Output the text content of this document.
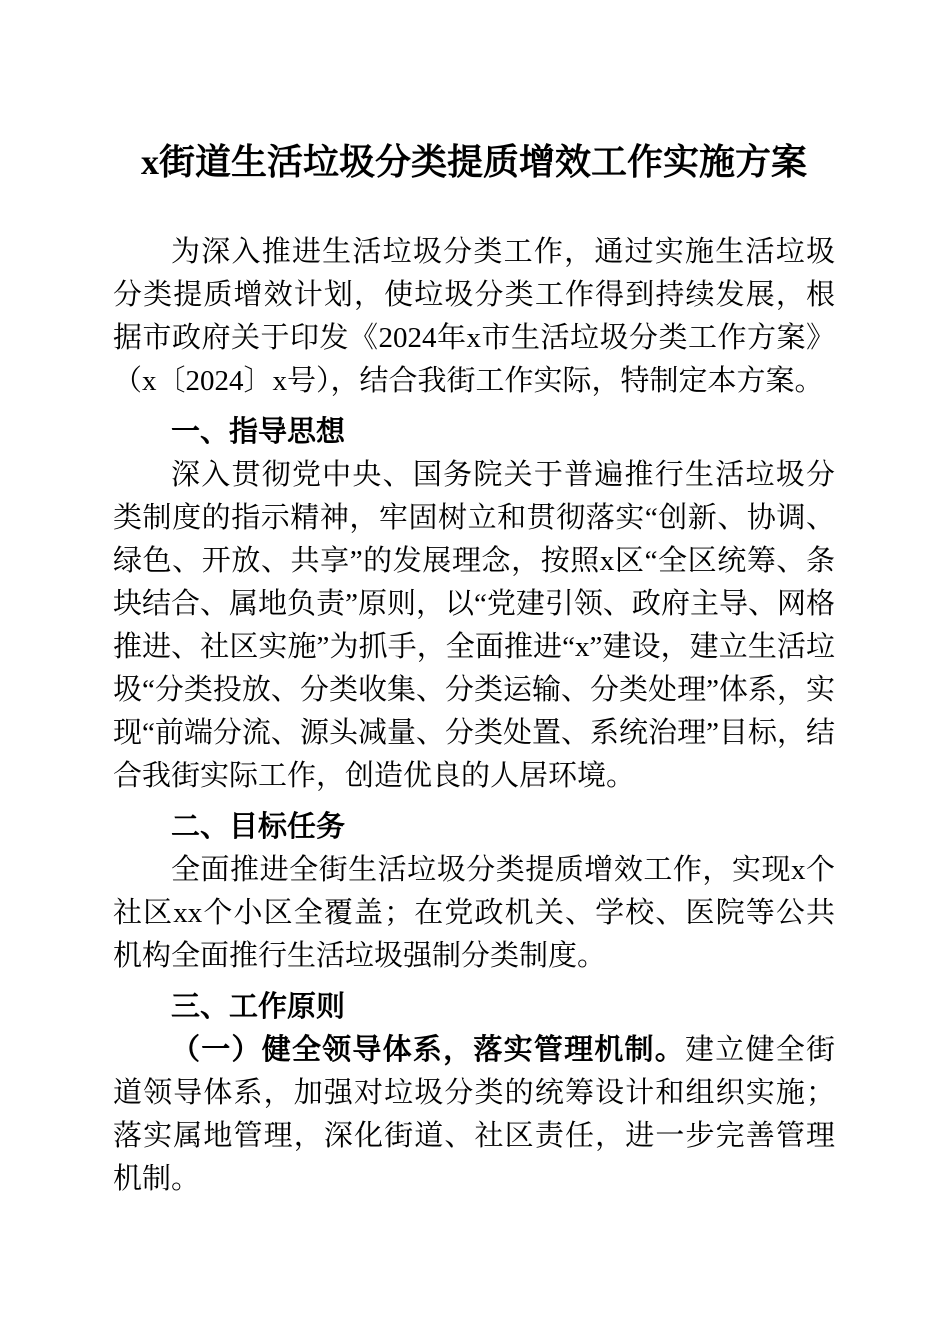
x街道生活垃圾分类提质增效工作实施方案

为深入推进生活垃圾分类工作，通过实施生活垃圾分类提质增效计划，使垃圾分类工作得到持续发展，根据市政府关于印发《2024年x市生活垃圾分类工作方案》（x〔2024〕x号），结合我街工作实际，特制定本方案。

一、指导思想

深入贯彻党中央、国务院关于普遍推行生活垃圾分类制度的指示精神，牢固树立和贯彻落实“创新、协调、绿色、开放、共享”的发展理念，按照x区“全区统筹、条块结合、属地负责”原则，以“党建引领、政府主导、网格推进、社区实施”为抓手，全面推进“x”建设，建立生活垃圾“分类投放、分类收集、分类运输、分类处理”体系，实现“前端分流、源头减量、分类处置、系统治理”目标，结合我街实际工作，创造优良的人居环境。

二、目标任务

全面推进全街生活垃圾分类提质增效工作，实现x个社区xx个小区全覆盖；在党政机关、学校、医院等公共机构全面推行生活垃圾强制分类制度。

三、工作原则

（一）健全领导体系，落实管理机制。建立健全街道领导体系，加强对垃圾分类的统筹设计和组织实施；落实属地管理，深化街道、社区责任，进一步完善管理机制。
